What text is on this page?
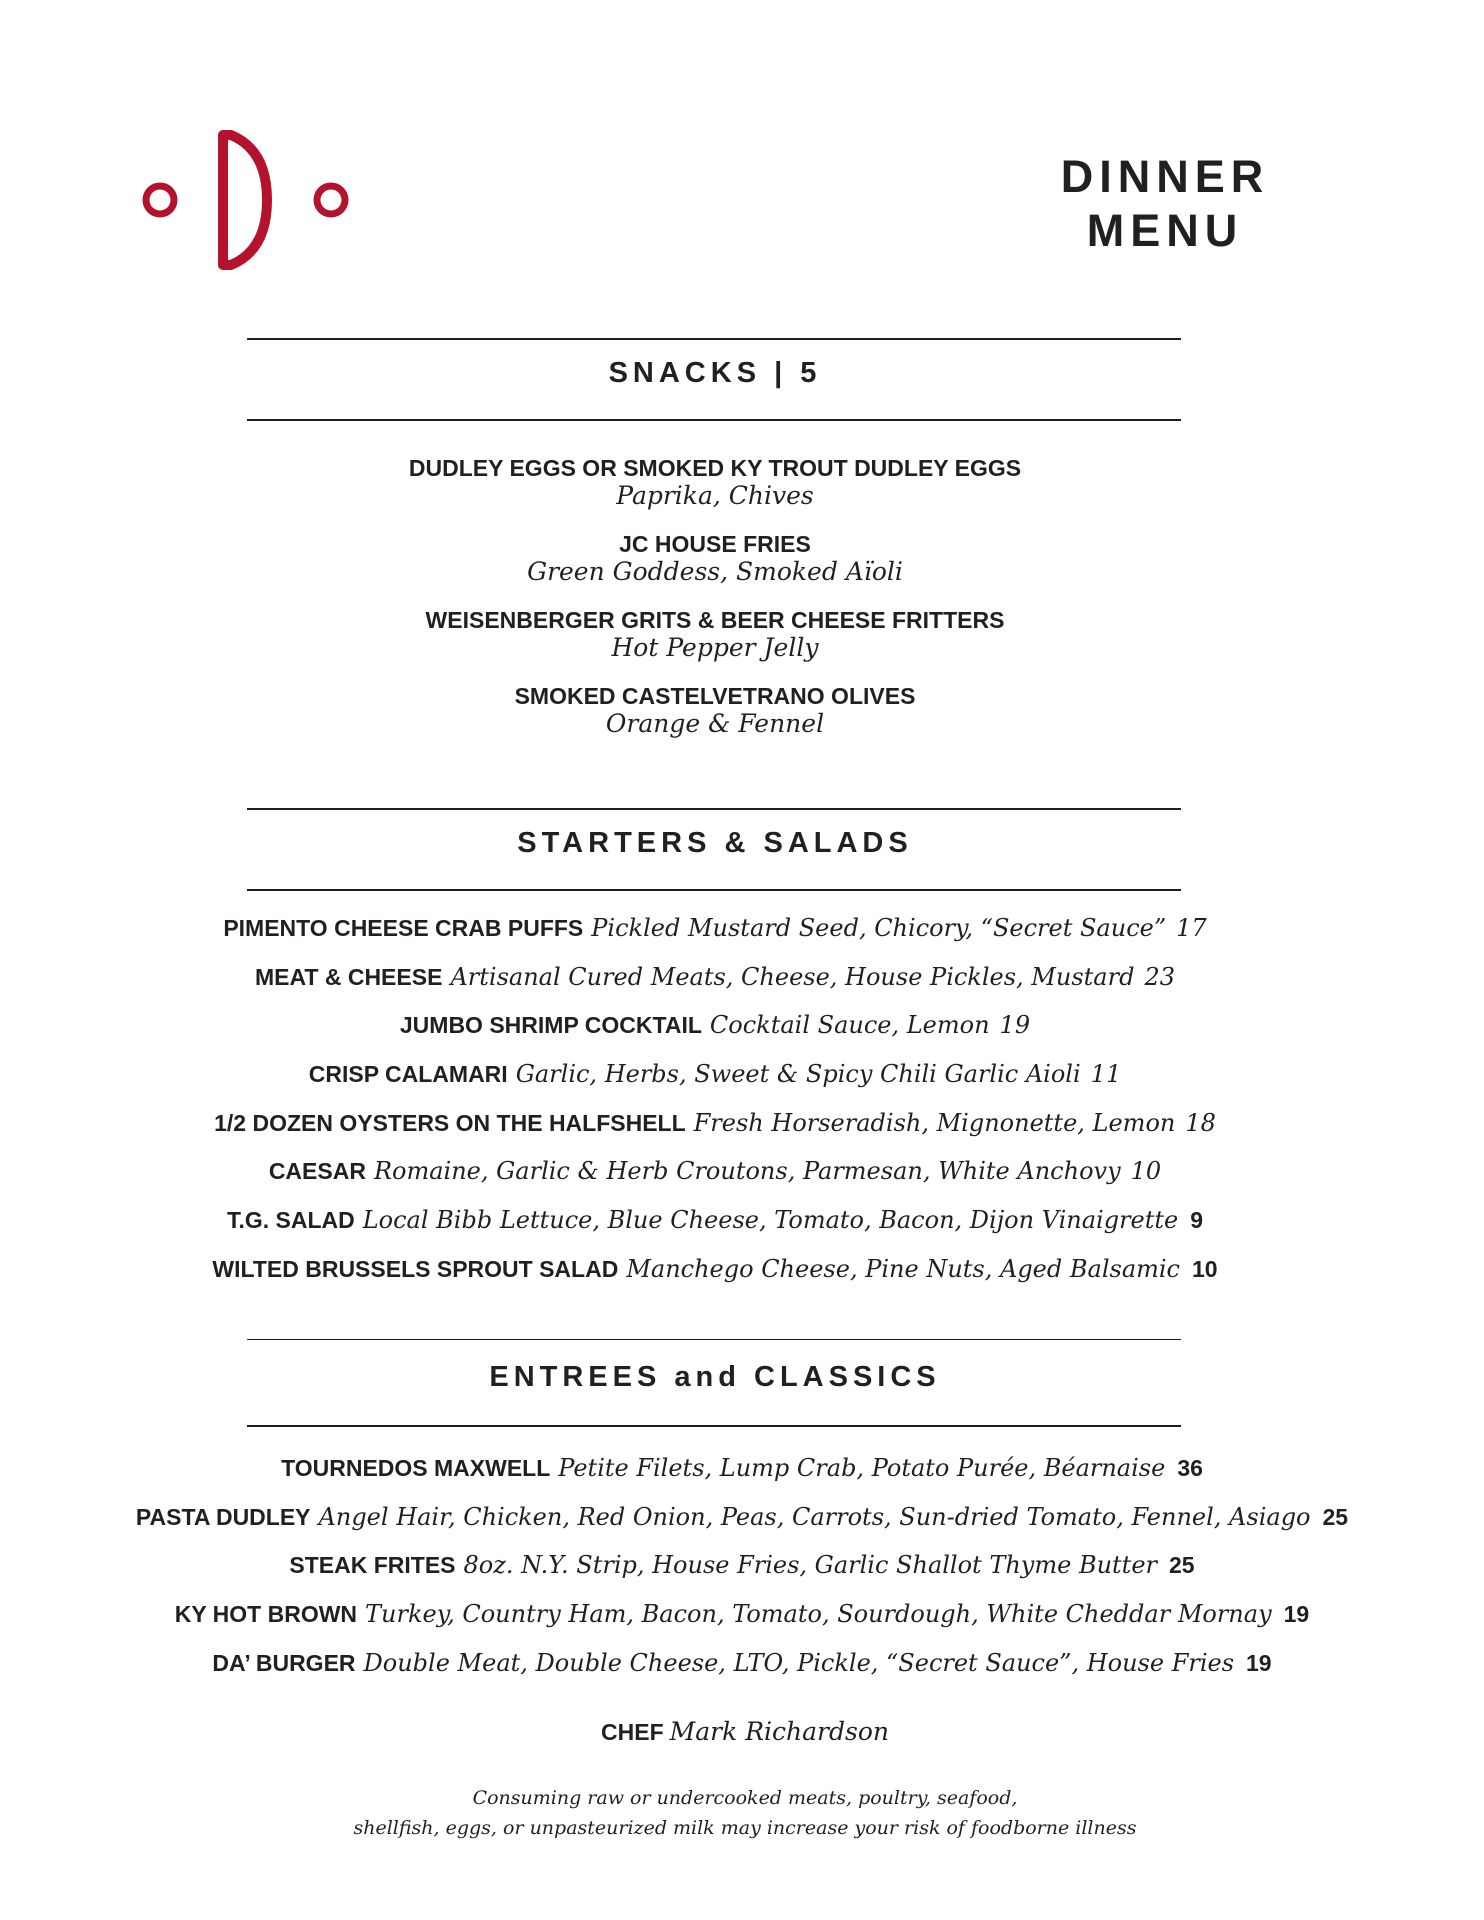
DINNER
MENU
SNACKS | 5
DUDLEY EGGS OR SMOKED KY TROUT DUDLEY EGGS
Paprika, Chives
JC HOUSE FRIES
Green Goddess, Smoked Aïoli
WEISENBERGER GRITS & BEER CHEESE FRITTERS
Hot Pepper Jelly
SMOKED CASTELVETRANO OLIVES
Orange & Fennel
STARTERS & SALADS
PIMENTO CHEESE CRAB PUFFS Pickled Mustard Seed, Chicory, “Secret Sauce” 17
MEAT & CHEESE Artisanal Cured Meats, Cheese, House Pickles, Mustard 23
JUMBO SHRIMP COCKTAIL Cocktail Sauce, Lemon 19
CRISP CALAMARI Garlic, Herbs, Sweet & Spicy Chili Garlic Aioli 11
1/2 DOZEN OYSTERS ON THE HALFSHELL Fresh Horseradish, Mignonette, Lemon 18
CAESAR Romaine, Garlic & Herb Croutons, Parmesan, White Anchovy 10
T.G. SALAD Local Bibb Lettuce, Blue Cheese, Tomato, Bacon, Dijon Vinaigrette 9
WILTED BRUSSELS SPROUT SALAD Manchego Cheese, Pine Nuts, Aged Balsamic 10
ENTREES and CLASSICS
TOURNEDOS MAXWELL Petite Filets, Lump Crab, Potato Purée, Béarnaise 36
PASTA DUDLEY Angel Hair, Chicken, Red Onion, Peas, Carrots, Sun-dried Tomato, Fennel, Asiago 25
STEAK FRITES 8oz. N.Y. Strip, House Fries, Garlic Shallot Thyme Butter 25
KY HOT BROWN Turkey, Country Ham, Bacon, Tomato, Sourdough, White Cheddar Mornay 19
DA’ BURGER Double Meat, Double Cheese, LTO, Pickle, “Secret Sauce”, House Fries 19
CHEF Mark Richardson
Consuming raw or undercooked meats, poultry, seafood,
shellfish, eggs, or unpasteurized milk may increase your risk of foodborne illness
